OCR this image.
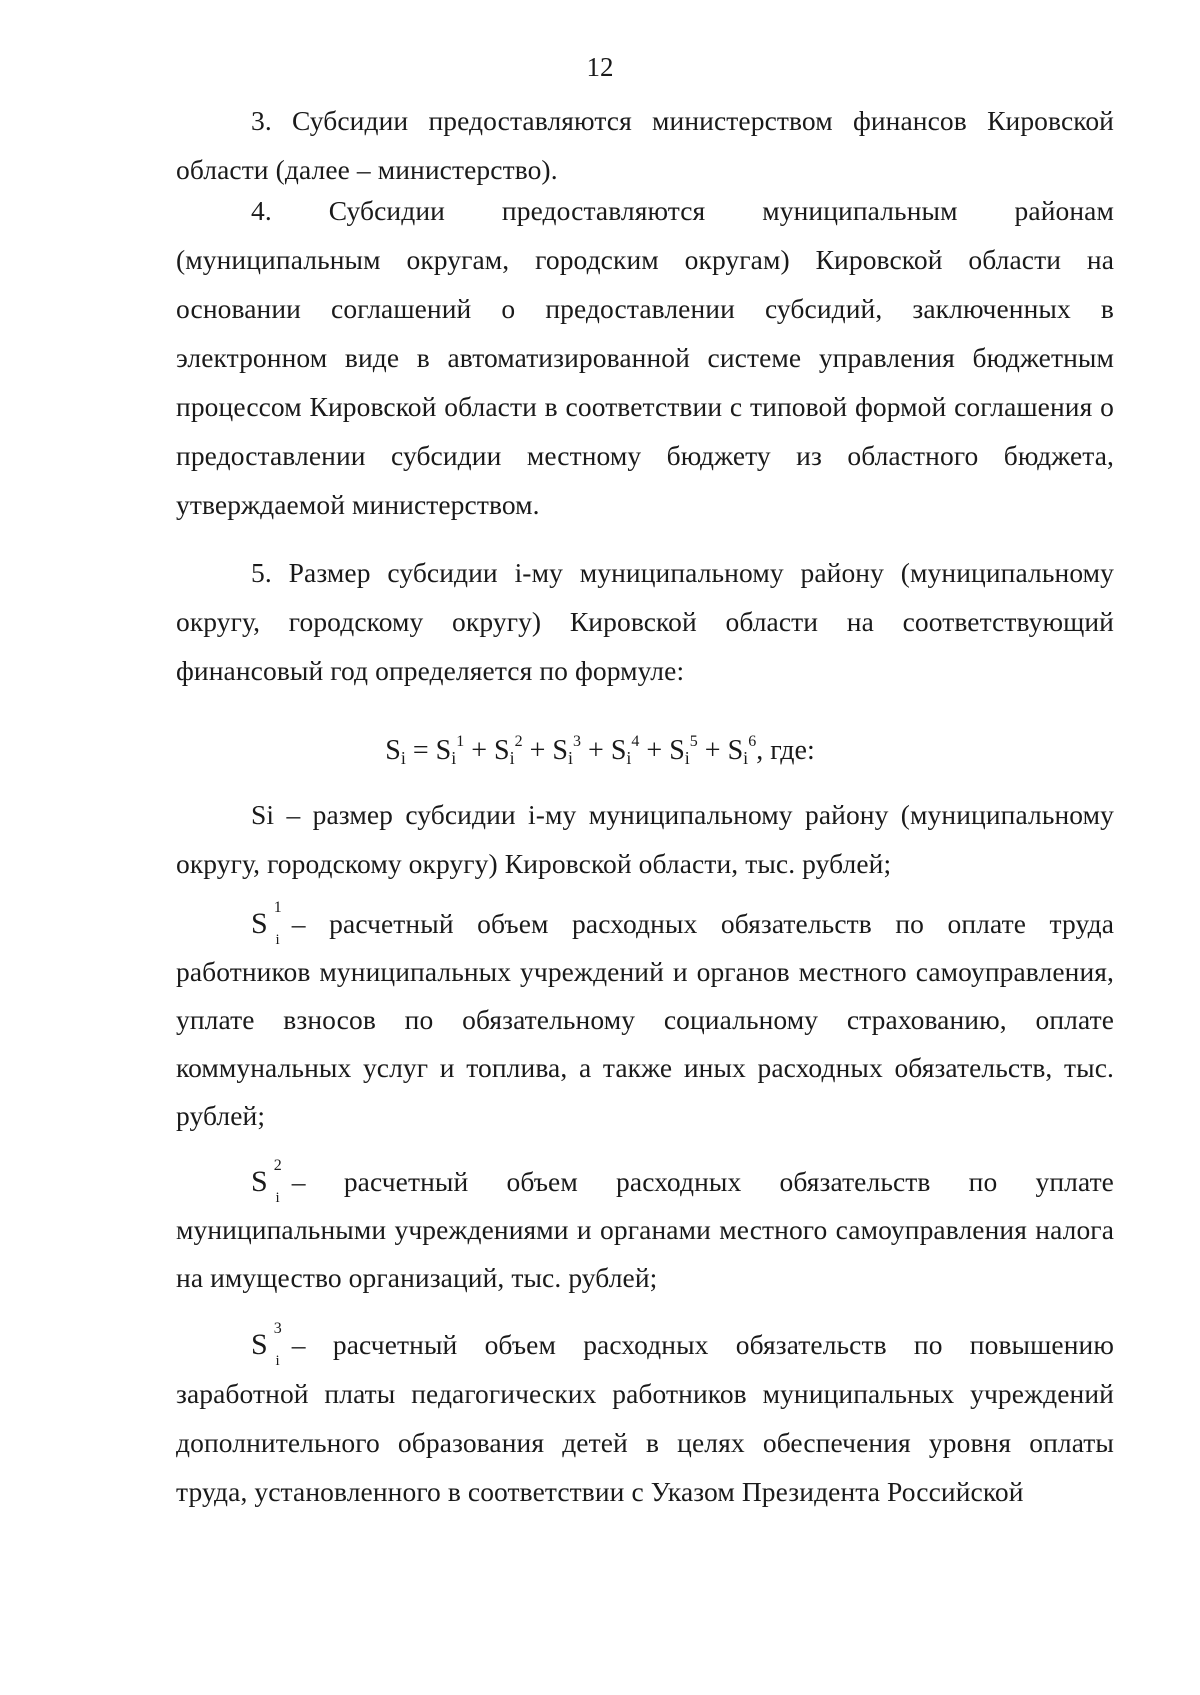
12

3. Субсидии предоставляются министерством финансов Кировской области (далее – министерство).

4. Субсидии предоставляются муниципальным районам (муниципальным округам, городским округам) Кировской области на основании соглашений о предоставлении субсидий, заключенных в электронном виде в автоматизированной системе управления бюджетным процессом Кировской области в соответствии с типовой формой соглашения о предоставлении субсидии местному бюджету из областного бюджета, утверждаемой министерством.

5. Размер субсидии i-му муниципальному району (муниципальному округу, городскому округу) Кировской области на соответствующий финансовый год определяется по формуле:

$S_i = S_i^1 + S_i^2 + S_i^3 + S_i^4 + S_i^5 + S_i^6$, где:

Si – размер субсидии i-му муниципальному району (муниципальному округу, городскому округу) Кировской области, тыс. рублей;

S 1
i
– расчетный объем расходных обязательств по оплате труда работников муниципальных учреждений и органов местного самоуправления, уплате взносов по обязательному социальному страхованию, оплате коммунальных услуг и топлива, а также иных расходных обязательств, тыс. рублей;

S 2
i
– расчетный объем расходных обязательств по уплате муниципальными учреждениями и органами местного самоуправления налога на имущество организаций, тыс. рублей;

S 3
i
– расчетный объем расходных обязательств по повышению заработной платы педагогических работников муниципальных учреждений дополнительного образования детей в целях обеспечения уровня оплаты труда, установленного в соответствии с Указом Президента Российской
